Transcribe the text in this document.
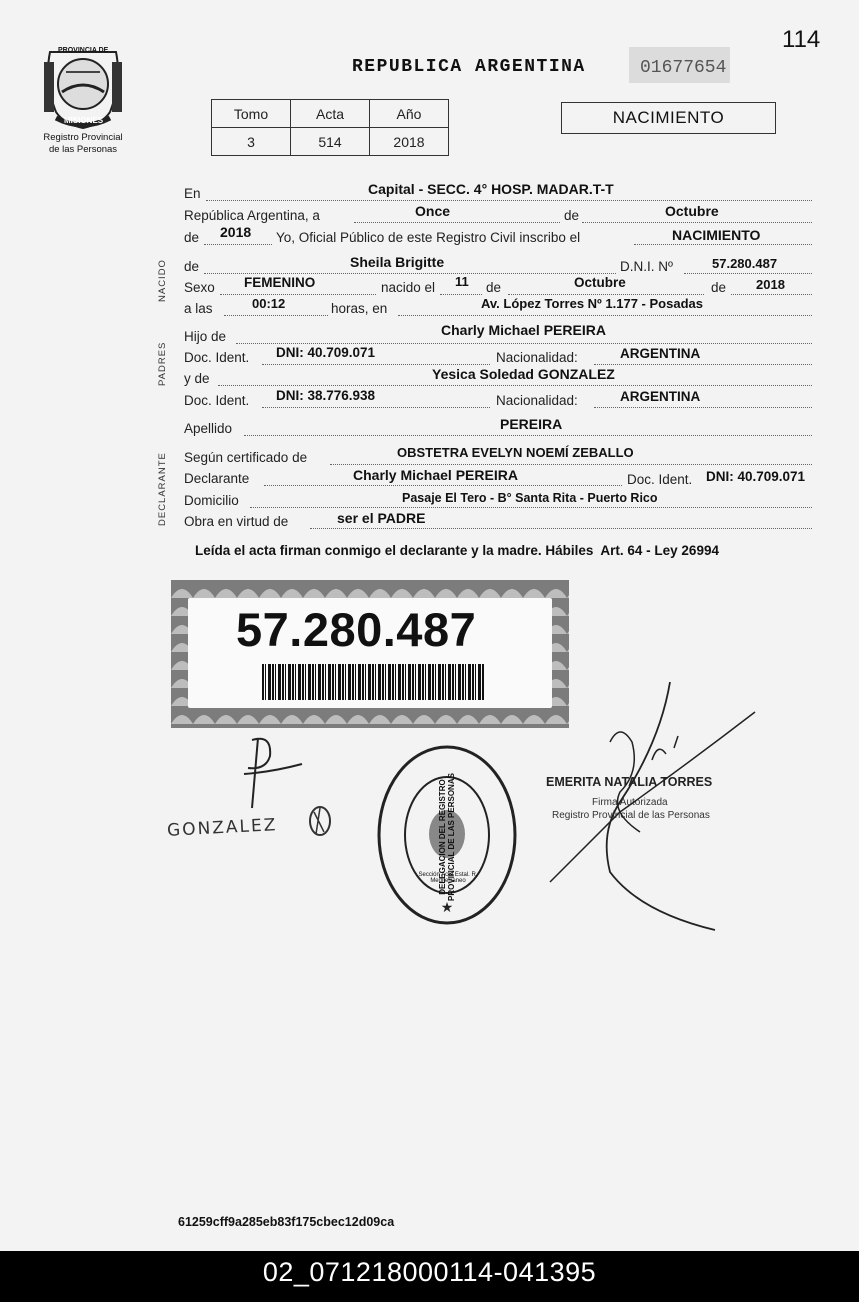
114
PROVINCIA DE
MISIONES
Registro Provincial
de las Personas
REPUBLICA ARGENTINA	01677654
Tomo	Acta	Año
3	514	2018
NACIMIENTO
NACIDO
PADRES
DECLARANTE
En	Capital - SECC. 4° HOSP. MADAR.T-T
República Argentina, a	Once	de	Octubre
de 2018 Yo, Oficial Público de este Registro Civil inscribo el	NACIMIENTO
de	Sheila Brigitte	D.N.I. Nº	57.280.487
Sexo FEMENINO	nacido el 11 de	Octubre	de 2018
a las	00:12	horas, en	Av. López Torres Nº 1.177 - Posadas
Hijo de	Charly Michael PEREIRA
Doc. Ident. DNI: 40.709.071	Nacionalidad:	ARGENTINA
y de	Yesica Soledad GONZALEZ
Doc. Ident. DNI: 38.776.938	Nacionalidad:	ARGENTINA
Apellido	PEREIRA
Según certificado de	OBSTETRA EVELYN NOEMÍ ZEBALLO
Declarante	Charly Michael PEREIRA	Doc. Ident. DNI: 40.709.071
Domicilio	Pasaje El Tero - B° Santa Rita - Puerto Rico
Obra en virtud de	ser el PADRE
Leída el acta firman conmigo el declarante y la madre. Hábiles  Art. 64 - Ley 26994
57.280.487
GONZALEZ
★
DELEGACION DEL REGISTRO PROVINCIAL DE LAS PERSONAS
Sección Acta Estal. R. Mediterraneo
EMERITA NATALIA TORRES
Firma Autorizada
Registro Provincial de las Personas
61259cff9a285eb83f175cbec12d09ca
02_071218000114-041395
